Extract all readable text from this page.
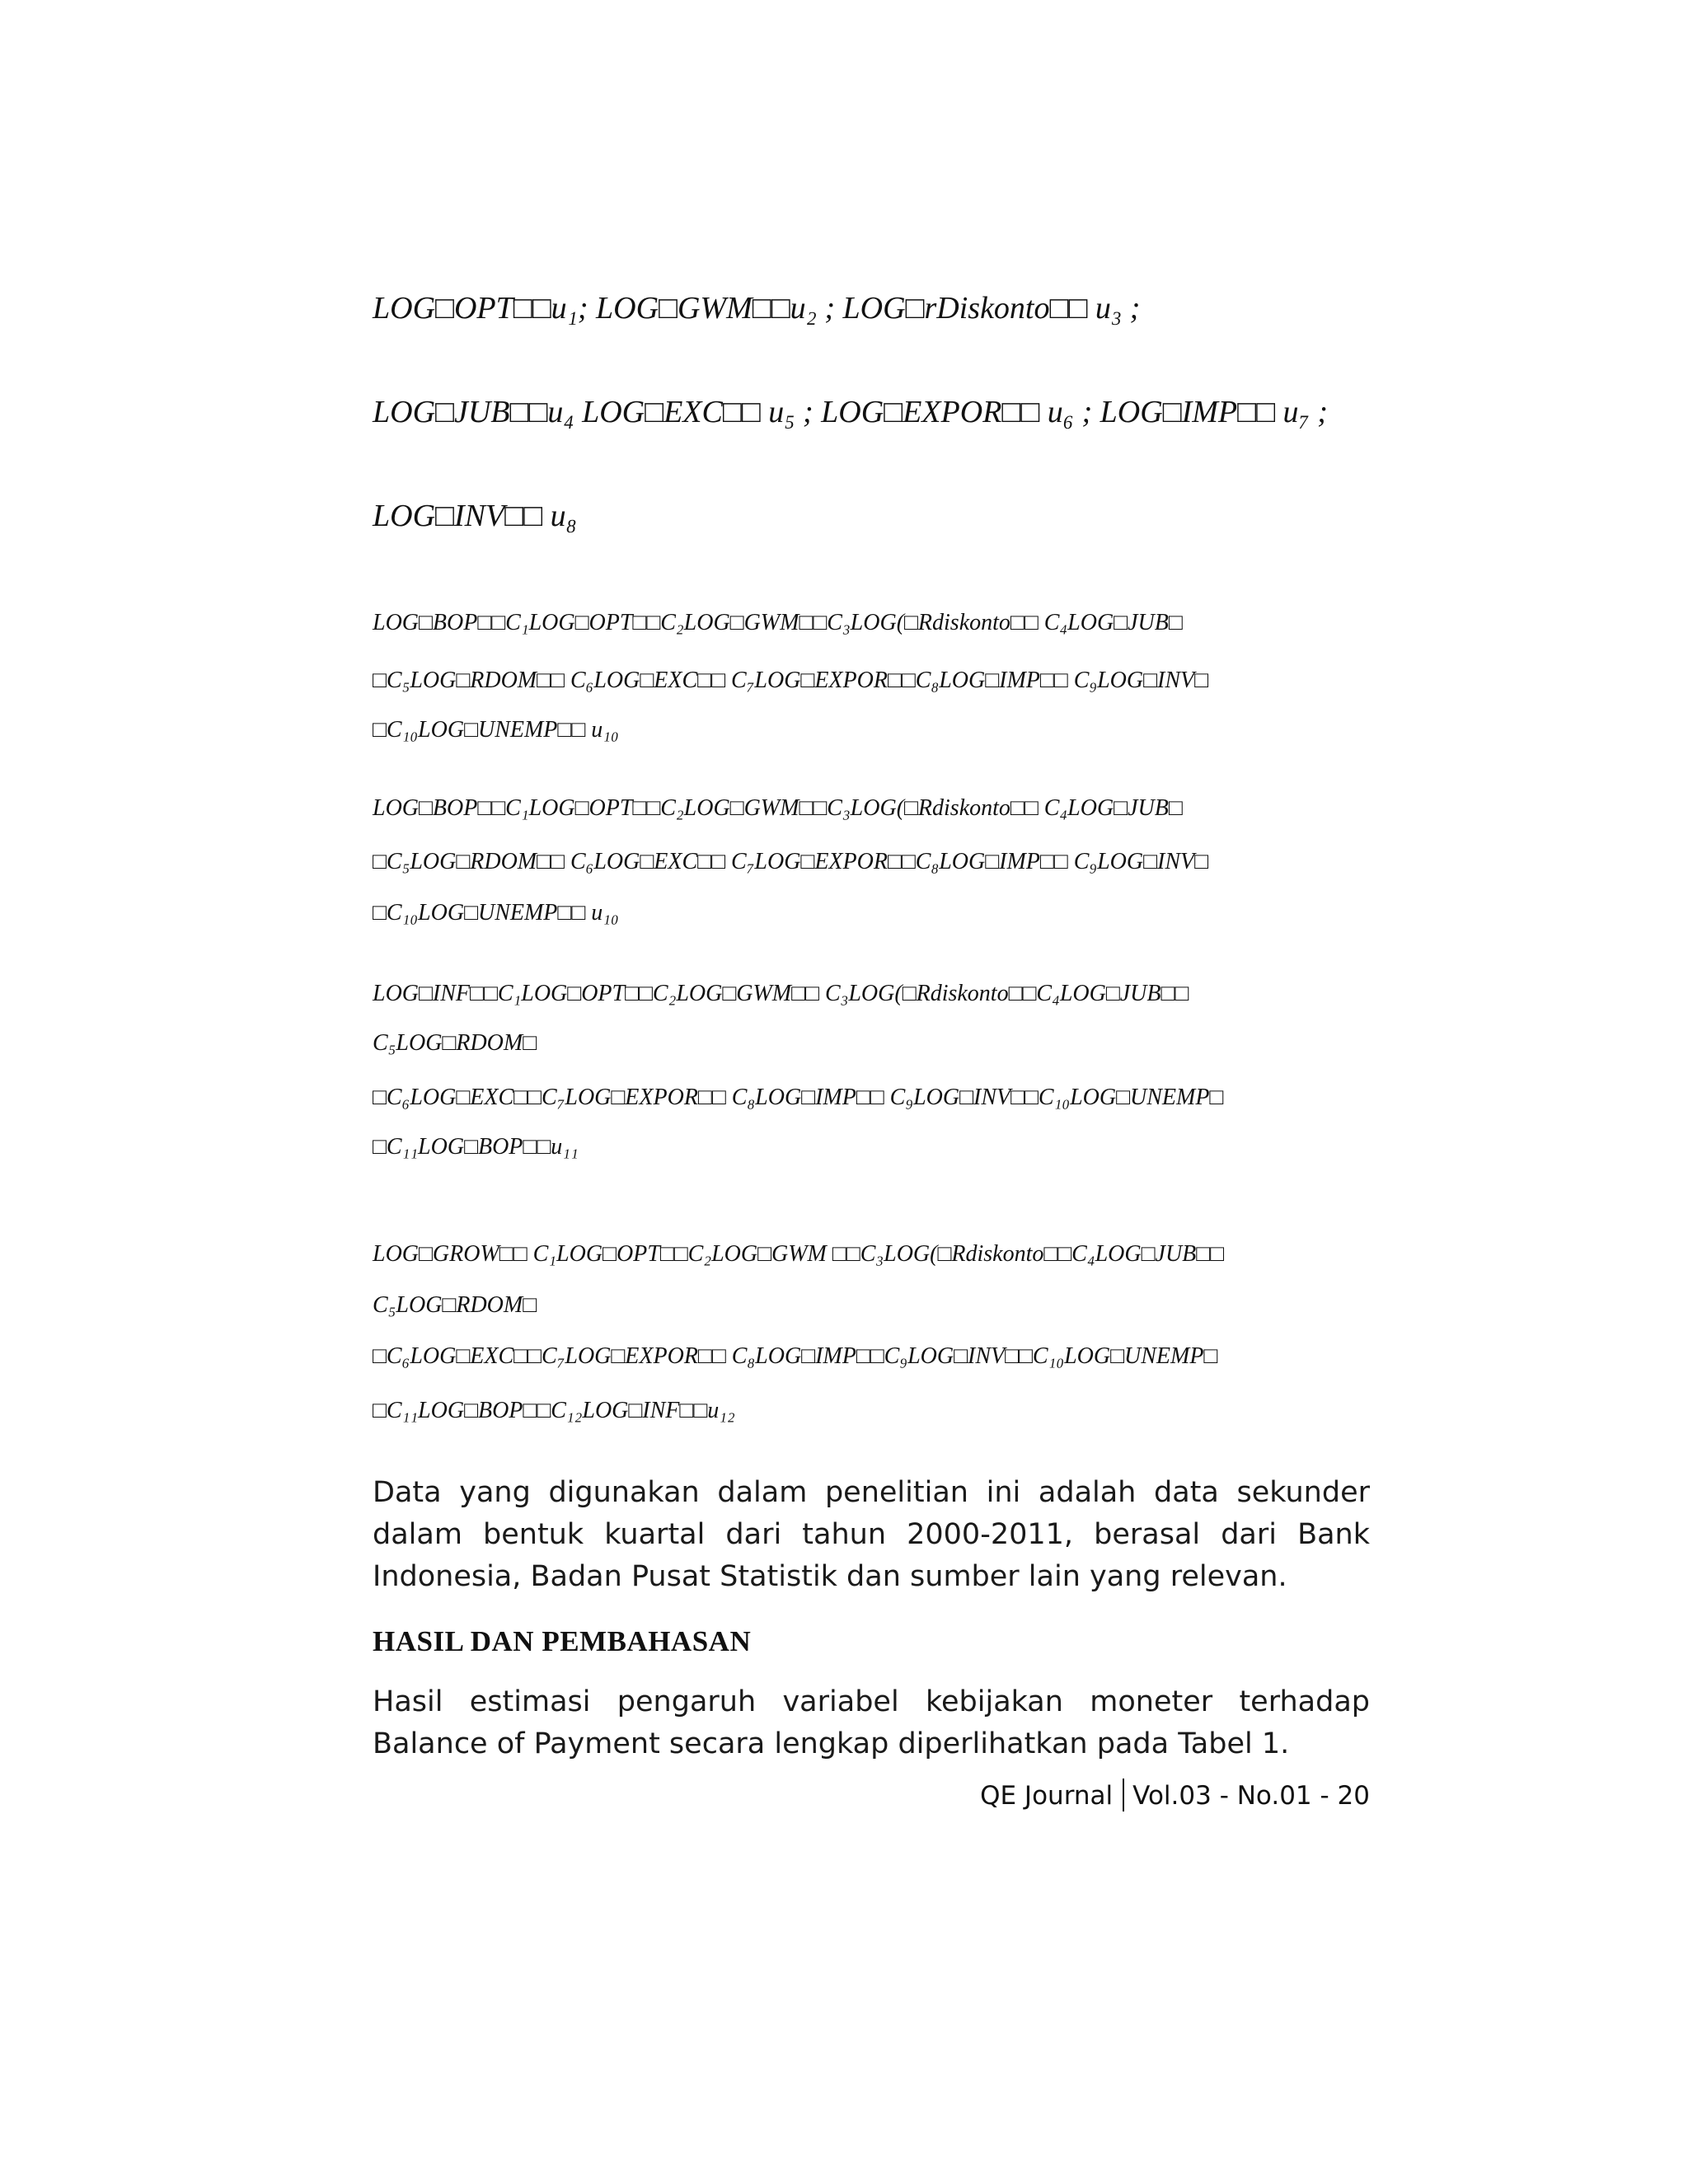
LOG□OPT□□u₁; LOG□GWM□□u₂ ; LOG□rDiskonto□□ u₃ ;
LOG□JUB□□u₄ LOG□EXC□□ u₅ ; LOG□EXPOR□□ u₆ ; LOG□IMP□□ u₇ ;
LOG□INV□□ u₈
LOG□BOP□□C₁LOG□OPT□□C₂LOG□GWM□□C₃LOG(□Rdiskonto□□ C₄LOG□JUB□
□C₅LOG□RDOM□□ C₆LOG□EXC□□ C₇LOG□EXPOR□□C₈LOG□IMP□□ C₉LOG□INV□
□C₁₀LOG□UNEMP□□ u₁₀
LOG□BOP□□C₁LOG□OPT□□C₂LOG□GWM□□C₃LOG(□Rdiskonto□□ C₄LOG□JUB□
□C₅LOG□RDOM□□ C₆LOG□EXC□□ C₇LOG□EXPOR□□C₈LOG□IMP□□ C₉LOG□INV□
□C₁₀LOG□UNEMP□□ u₁₀
LOG□INF□□C₁LOG□OPT□□C₂LOG□GWM□□ C₃LOG(□Rdiskonto□□C₄LOG□JUB□□
C₅LOG□RDOM□
□C₆LOG□EXC□□C₇LOG□EXPOR□□ C₈LOG□IMP□□ C₉LOG□INV□□C₁₀LOG□UNEMP□
□C₁₁LOG□BOP□□u₁₁
LOG□GROW□□ C₁LOG□OPT□□C₂LOG□GWM □□C₃LOG(□Rdiskonto□□C₄LOG□JUB□□
C₅LOG□RDOM□
□C₆LOG□EXC□□C₇LOG□EXPOR□□ C₈LOG□IMP□□C₉LOG□INV□□C₁₀LOG□UNEMP□
□C₁₁LOG□BOP□□C₁₂LOG□INF□□u₁₂
Data yang digunakan dalam penelitian ini adalah data sekunder dalam bentuk kuartal dari tahun 2000-2011, berasal dari Bank Indonesia, Badan Pusat Statistik dan sumber lain yang relevan.
HASIL DAN PEMBAHASAN
Hasil estimasi pengaruh variabel kebijakan moneter terhadap Balance of Payment secara lengkap diperlihatkan pada Tabel 1.
QE Journal Vol.03 - No.01 - 20
